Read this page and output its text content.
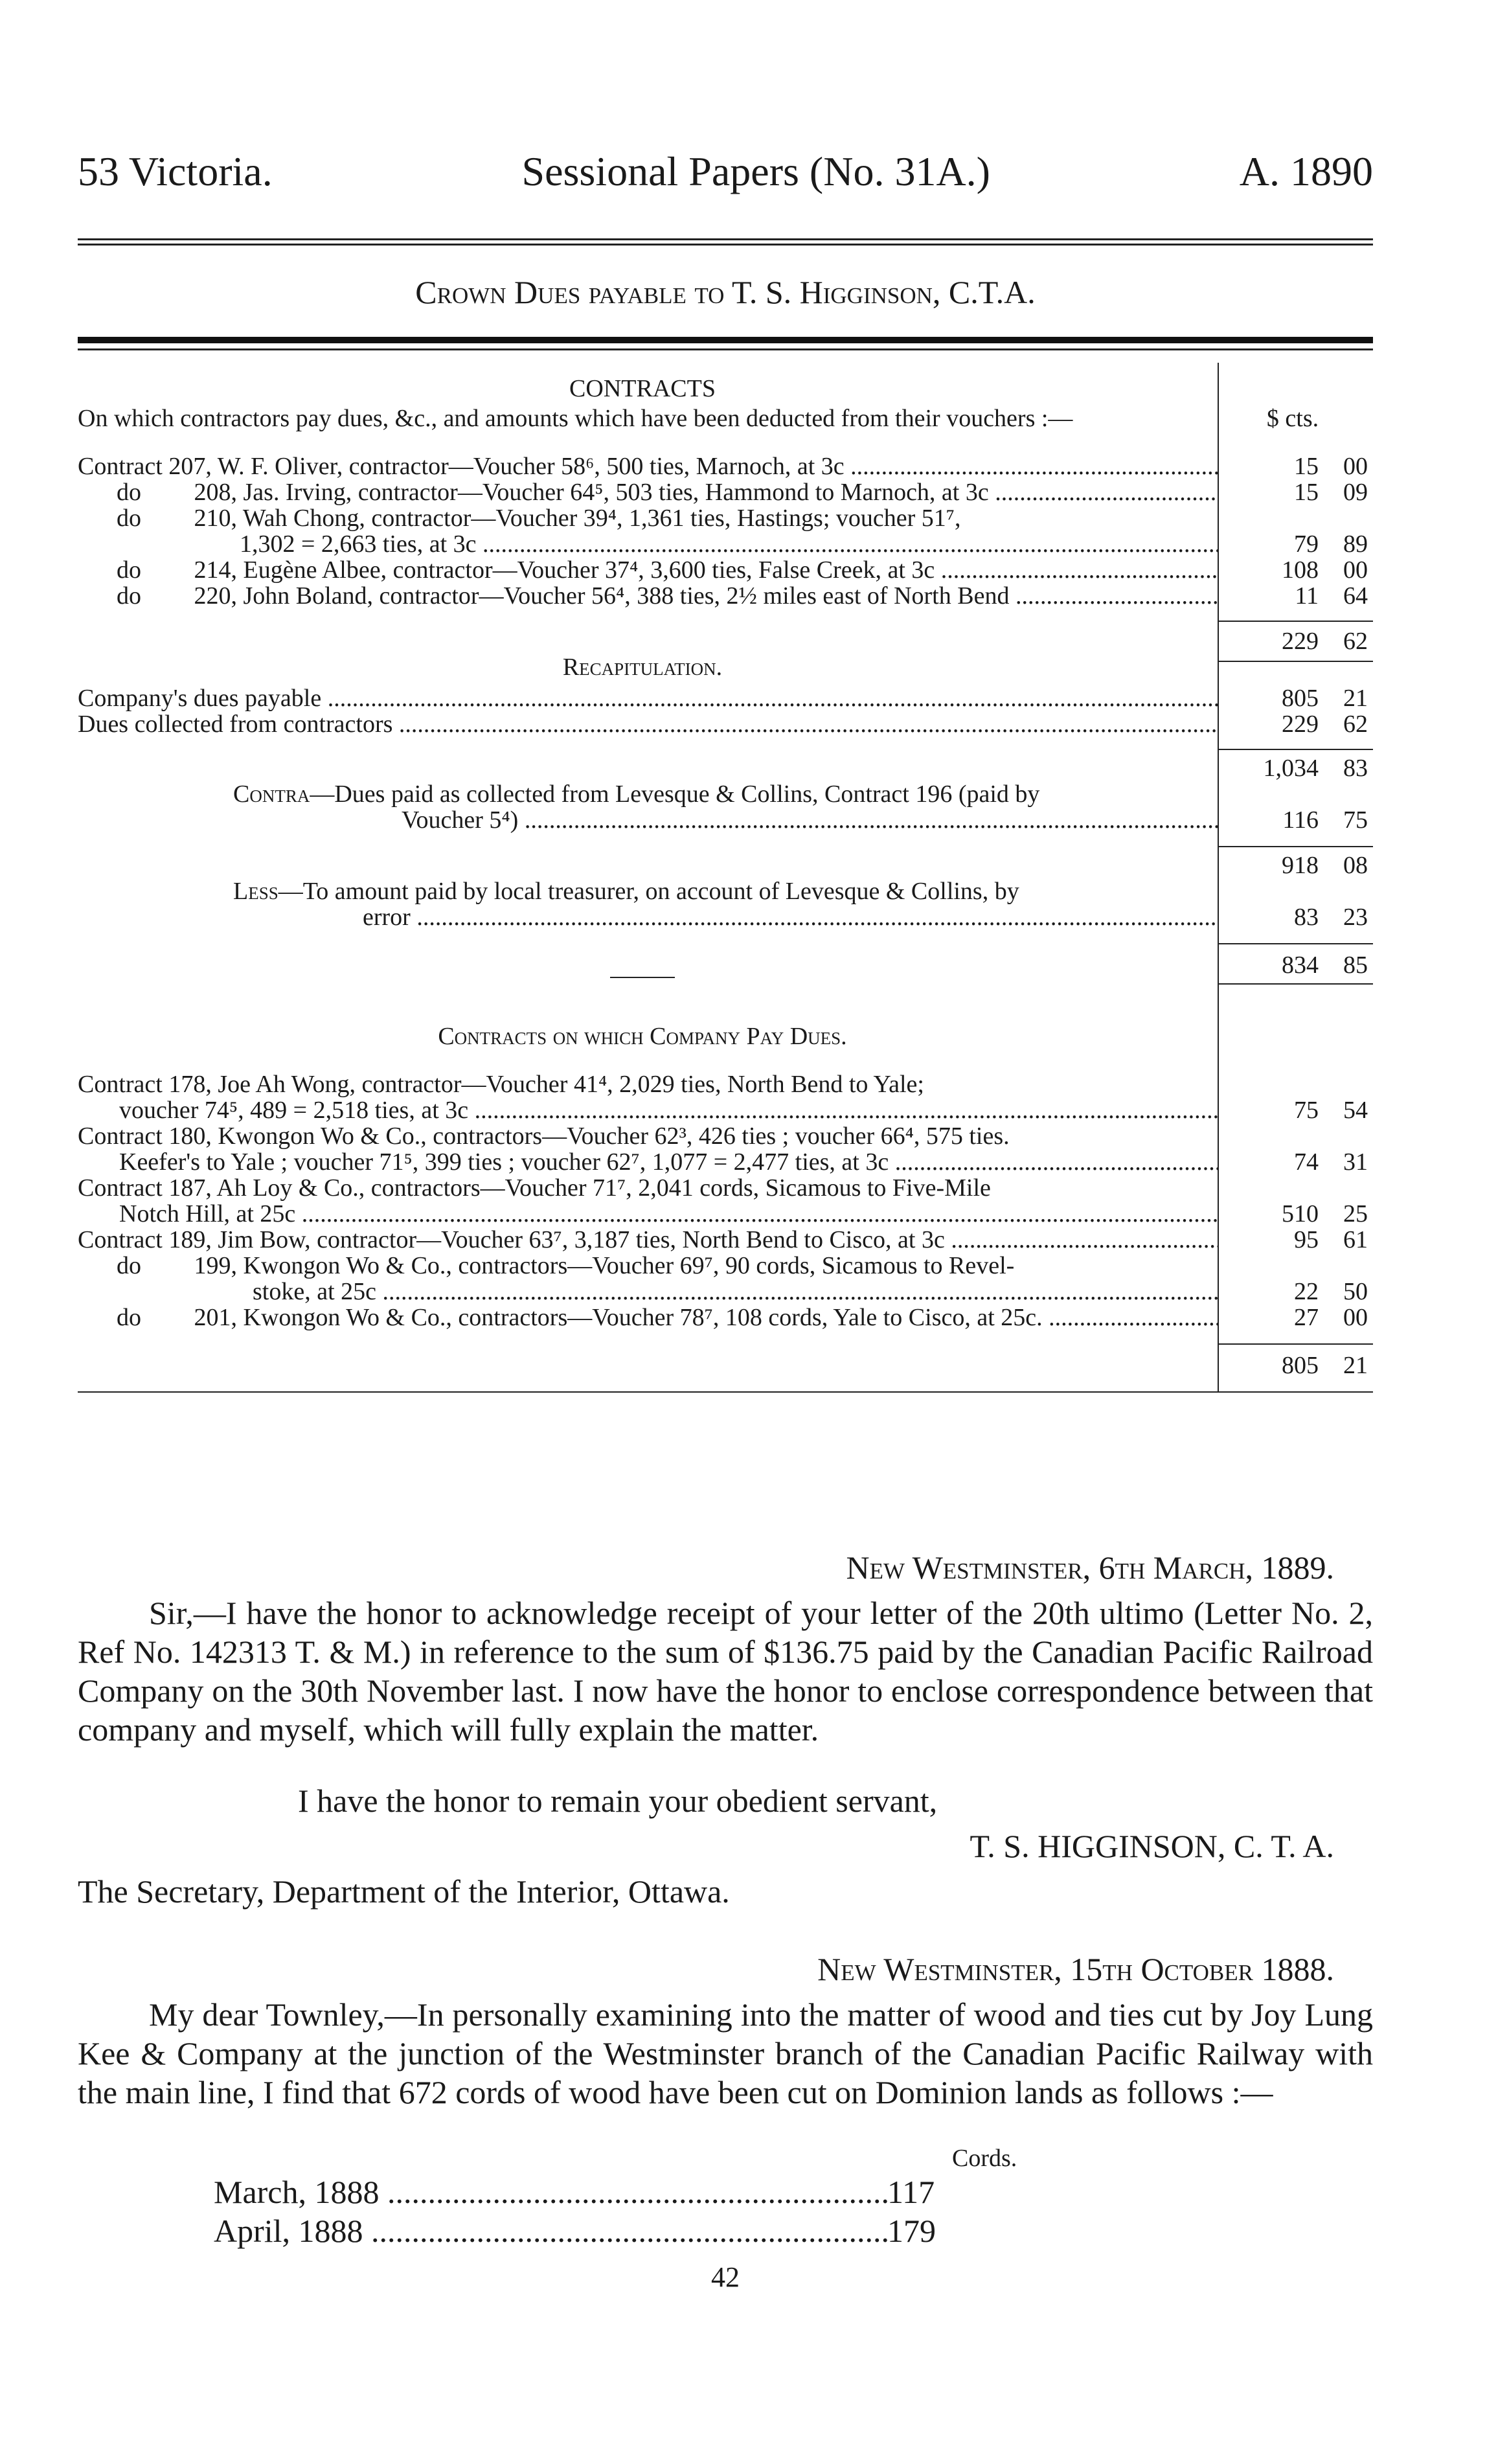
53 Victoria.	Sessional Papers (No. 31A.)	A. 1890
Crown Dues payable to T. S. Higginson, C.T.A.
CONTRACTS
On which contractors pay dues, &c., and amounts which have been deducted from their vouchers :—	$ cts.
Contract 207, W. F. Oliver, contractor—Voucher 58⁶, 500 ties, Marnoch, at 3c .....	15	00
do 208, Jas. Irving, contractor—Voucher 64⁵, 503 ties, Hammond to Marnoch, at 3c .....	15	09
do 210, Wah Chong, contractor—Voucher 39⁴, 1,361 ties, Hastings; voucher 51⁷,
1,302 = 2,663 ties, at 3c .....	79	89
do 214, Eugène Albee, contractor—Voucher 37⁴, 3,600 ties, False Creek, at 3c .....	108	00
do 220, John Boland, contractor—Voucher 56⁴, 388 ties, 2½ miles east of North Bend .....	11	64
229	62
Recapitulation.
Company's dues payable .....	805	21
Dues collected from contractors .....	229	62
1,034	83
Contra—Dues paid as collected from Levesque & Collins, Contract 196 (paid by
Voucher 5⁴) .....	116	75
918	08
Less—To amount paid by local treasurer, on account of Levesque & Collins, by
error .....	83	23
834	85
Contracts on which Company Pay Dues.
Contract 178, Joe Ah Wong, contractor—Voucher 41⁴, 2,029 ties, North Bend to Yale;
voucher 74⁵, 489 = 2,518 ties, at 3c .....	75	54
Contract 180, Kwongon Wo & Co., contractors—Voucher 62³, 426 ties ; voucher 66⁴, 575 ties.
Keefer's to Yale ; voucher 71⁵, 399 ties ; voucher 62⁷, 1,077 = 2,477 ties, at 3c .....	74	31
Contract 187, Ah Loy & Co., contractors—Voucher 71⁷, 2,041 cords, Sicamous to Five-Mile
Notch Hill, at 25c .....	510	25
Contract 189, Jim Bow, contractor—Voucher 63⁷, 3,187 ties, North Bend to Cisco, at 3c .....	95	61
do 199, Kwongon Wo & Co., contractors—Voucher 69⁷, 90 cords, Sicamous to Revel-
stoke, at 25c .....	22	50
do 201, Kwongon Wo & Co., contractors—Voucher 78⁷, 108 cords, Yale to Cisco, at 25c. .....	27	00
805	21
New Westminster, 6th March, 1889.
Sir,—I have the honor to acknowledge receipt of your letter of the 20th ultimo (Letter No. 2, Ref No. 142313 T. & M.) in reference to the sum of $136.75 paid by the Canadian Pacific Railroad Company on the 30th November last. I now have the honor to enclose correspondence between that company and myself, which will fully explain the matter.
I have the honor to remain your obedient servant,
T. S. HIGGINSON, C. T. A.
The Secretary, Department of the Interior, Ottawa.
New Westminster, 15th October 1888.
My dear Townley,—In personally examining into the matter of wood and ties cut by Joy Lung Kee & Company at the junction of the Westminster branch of the Canadian Pacific Railway with the main line, I find that 672 cords of wood have been cut on Dominion lands as follows :—
Cords.
March, 1888 .....	117
April, 1888 .....	179
42
